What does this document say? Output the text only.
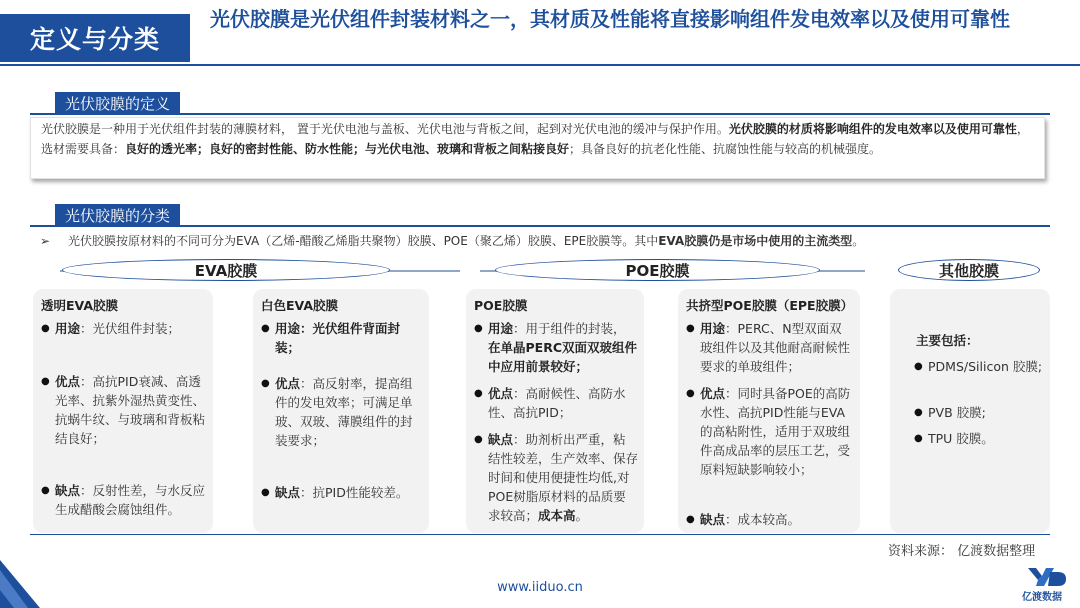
定义与分类
光伏胶膜是光伏组件封装材料之一，其材质及性能将直接影响组件发电效率以及使用可靠性
光伏胶膜的定义
光伏胶膜是一种用于光伏组件封装的薄膜材料， 置于光伏电池与盖板、光伏电池与背板之间，起到对光伏电池的缓冲与保护作用。光伏胶膜的材质将影响组件的发电效率以及使用可靠性，选材需要具备：良好的透光率；良好的密封性能、防水性能；与光伏电池、玻璃和背板之间粘接良好；具备良好的抗老化性能、抗腐蚀性能与较高的机械强度。
光伏胶膜的分类
➢ 光伏胶膜按原材料的不同可分为EVA（乙烯-醋酸乙烯脂共聚物）胶膜、POE（聚乙烯）胶膜、EPE胶膜等。其中EVA胶膜仍是市场中使用的主流类型。
EVA胶膜	POE胶膜	其他胶膜
透明EVA胶膜
● 用途：光伏组件封装；
● 优点：高抗PID衰减、高透光率、抗紫外湿热黄变性、抗蜗牛纹、与玻璃和背板粘结良好；
● 缺点：反射性差，与水反应生成醋酸会腐蚀组件。
白色EVA胶膜
● 用途：光伏组件背面封装；
● 优点：高反射率，提高组件的发电效率；可满足单玻、双玻、薄膜组件的封装要求；
● 缺点：抗PID性能较差。
POE胶膜
● 用途：用于组件的封装，在单晶PERC双面双玻组件中应用前景较好；
● 优点：高耐候性、高防水性、高抗PID；
● 缺点：助剂析出严重，粘结性较差，生产效率、保存时间和使用便捷性均低,对POE树脂原材料的品质要求较高；成本高。
共挤型POE胶膜（EPE胶膜）
● 用途：PERC、N型双面双玻组件以及其他耐高耐候性要求的单玻组件；
● 优点：同时具备POE的高防水性、高抗PID性能与EVA的高粘附性，适用于双玻组件高成品率的层压工艺，受原料短缺影响较小；
● 缺点：成本较高。
主要包括：
● PDMS/Silicon 胶膜;
● PVB 胶膜;
● TPU 胶膜。
资料来源： 亿渡数据整理
www.iiduo.cn
亿渡数据
